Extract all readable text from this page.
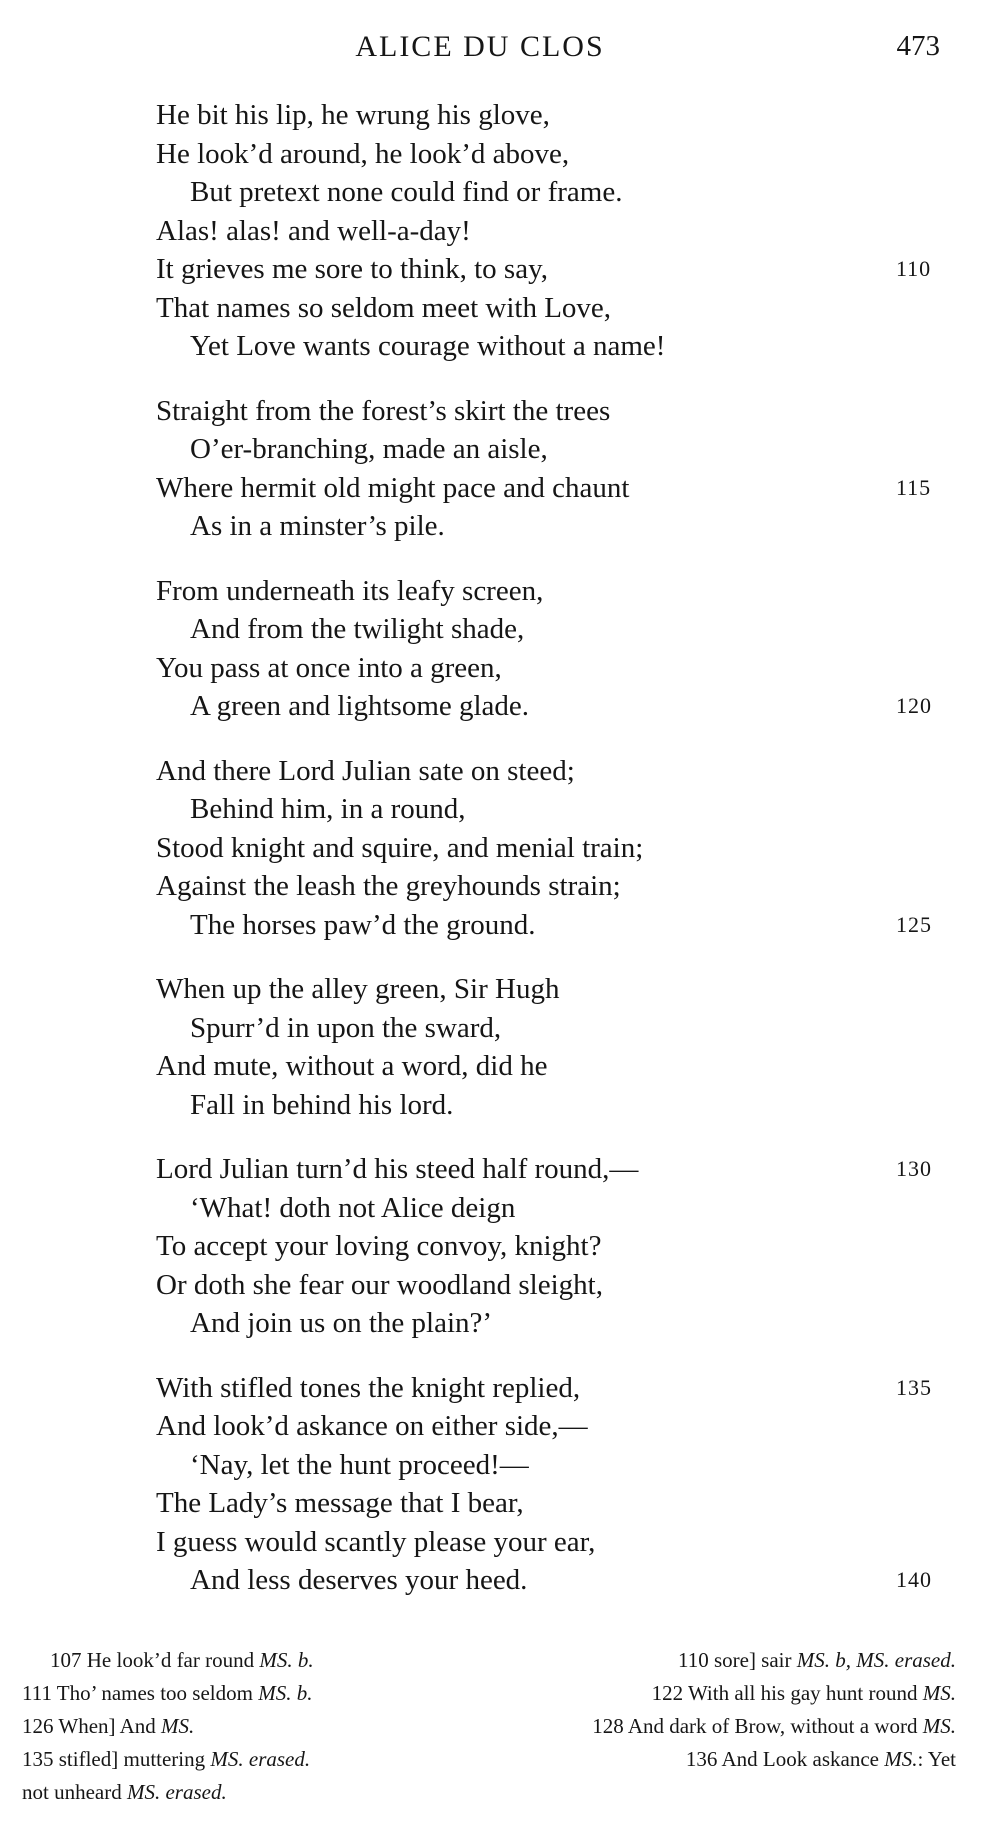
ALICE DU CLOS	473
He bit his lip, he wrung his glove,
He look’d around, he look’d above,
But pretext none could find or frame.
Alas! alas! and well-a-day!
It grieves me sore to think, to say,	110
That names so seldom meet with Love,
Yet Love wants courage without a name!
Straight from the forest’s skirt the trees
O’er-branching, made an aisle,
Where hermit old might pace and chaunt	115
As in a minster’s pile.
From underneath its leafy screen,
And from the twilight shade,
You pass at once into a green,
A green and lightsome glade.	120
And there Lord Julian sate on steed;
Behind him, in a round,
Stood knight and squire, and menial train;
Against the leash the greyhounds strain;
The horses paw’d the ground.	125
When up the alley green, Sir Hugh
Spurr’d in upon the sward,
And mute, without a word, did he
Fall in behind his lord.
Lord Julian turn’d his steed half round,—	130
‘What! doth not Alice deign
To accept your loving convoy, knight?
Or doth she fear our woodland sleight,
And join us on the plain?’
With stifled tones the knight replied,	135
And look’d askance on either side,—
‘Nay, let the hunt proceed!—
The Lady’s message that I bear,
I guess would scantly please your ear,
And less deserves your heed.	140
107 He look’d far round MS. b.	110 sore] sair MS. b, MS. erased.
111 Tho’ names too seldom MS. b.	122 With all his gay hunt round MS.
126 When] And MS.	128 And dark of Brow, without a word MS.
135 stifled] muttering MS. erased.	136 And Look askance MS.: Yet
not unheard MS. erased.
